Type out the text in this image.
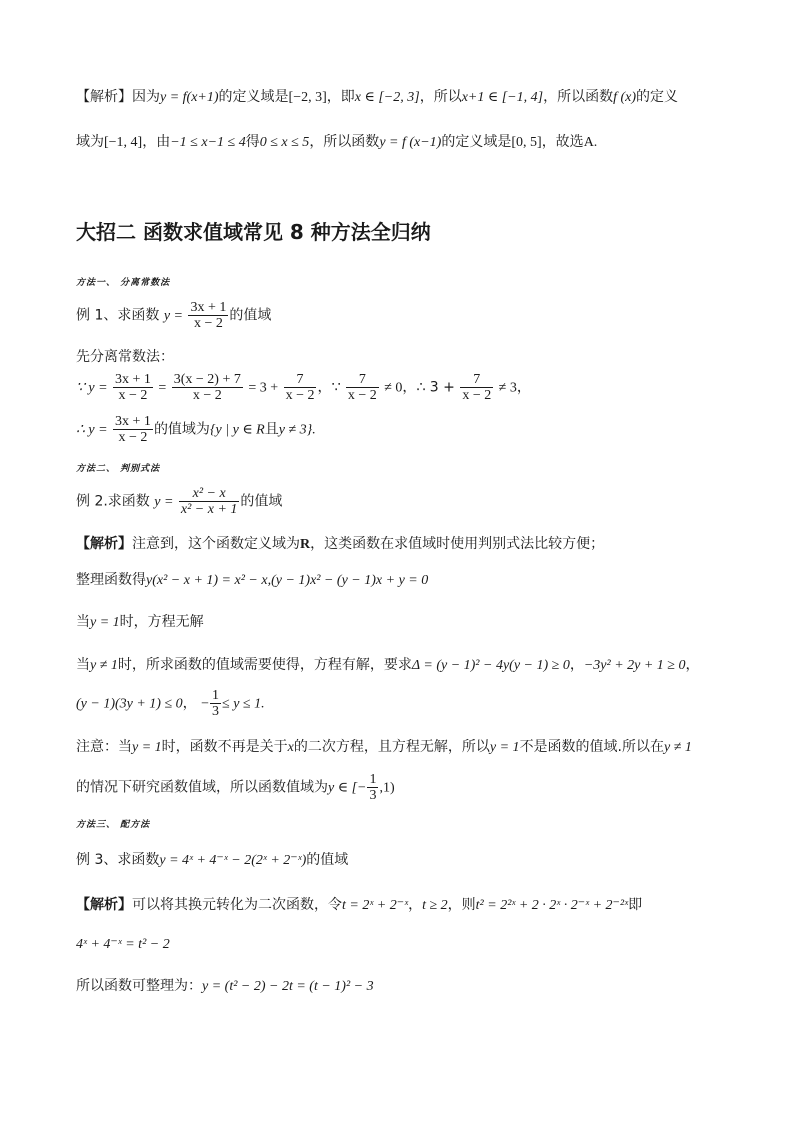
【解析】因为y = f(x+1)的定义域是[−2, 3]，即x ∈ [−2, 3]，所以x+1 ∈ [−1, 4]，所以函数f (x)的定义
域为[−1, 4]，由−1 ≤ x−1 ≤ 4得0 ≤ x ≤ 5，所以函数y = f (x−1)的定义域是[0, 5]，故选A.
大招二 函数求值域常见 8 种方法全归纳
方法一、 分离常数法
例 1、求函数 $y = \frac{3x + 1}{x - 2}$ 的值域
先分离常数法：
∵ $y = \frac{3x + 1}{x - 2} = \frac{3(x - 2) + 7}{x - 2} = 3 + \frac{7}{x - 2}$ ，∵ $\frac{7}{x - 2} \ne 0$，∴ $3 + \frac{7}{x - 2} \ne 3$，
∴ $y = \frac{3x + 1}{x - 2}$ 的值域为{y | y ∈ R且y ≠ 3}.
方法二、 判别式法
例 2.求函数 $y = \frac{\text{x² − x}}{\text{x² − x + 1}}$ 的值域
【解析】注意到，这个函数定义域为R，这类函数在求值域时使用判别式法比较方便；
整理函数得y(x² − x + 1) = x² − x,(y − 1)x² − (y − 1)x + y = 0
当y = 1时，方程无解
当y ≠ 1时，所求函数的值域需要使得，方程有解，要求Δ = (y − 1)² − 4y(y − 1) ≥ 0，−3y² + 2y + 1 ≥ 0，
(y − 1)(3y + 1) ≤ 0， − $\frac{1}{3} \le y \le 1$.
注意：当y = 1时，函数不再是关于x的二次方程，且方程无解，所以y = 1不是函数的值域.所以在y ≠ 1
的情况下研究函数值域，所以函数值域为y ∈ [− $\frac{1}{3} ,1$)
方法三、 配方法
例 3、求函数y = 4ˣ + 4⁻ˣ − 2(2ˣ + 2⁻ˣ)的值域
【解析】可以将其换元转化为二次函数，令t = 2ˣ + 2⁻ˣ，t ≥ 2，则t² = 2²ˣ + 2 · 2ˣ · 2⁻ˣ + 2⁻²ˣ即
4ˣ + 4⁻ˣ = t² − 2
所以函数可整理为：y = (t² − 2) − 2t = (t − 1)² − 3
